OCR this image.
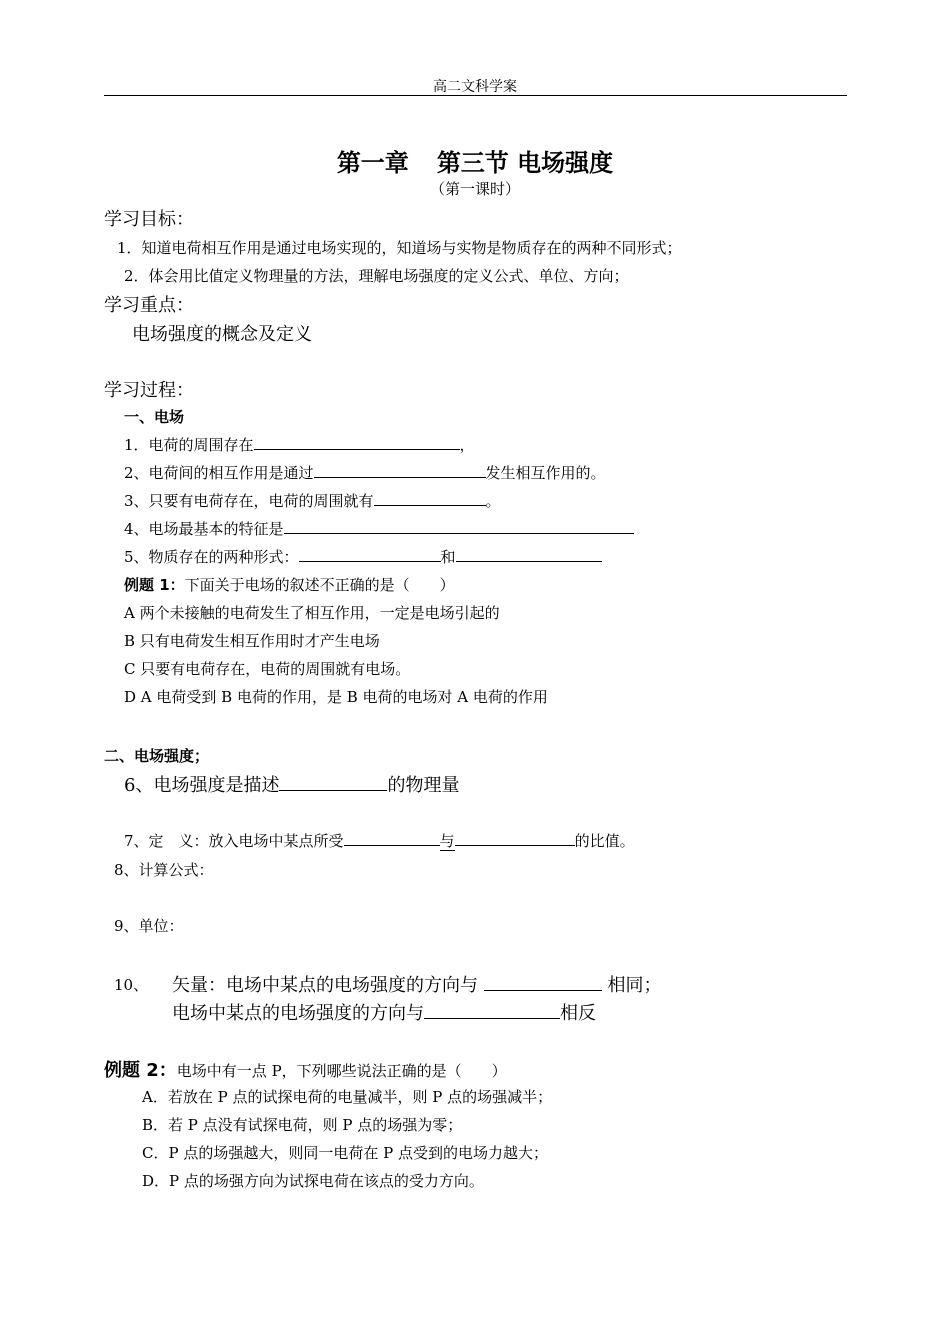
高二文科学案
第一章 第三节 电场强度
（第一课时）
学习目标：
1．知道电荷相互作用是通过电场实现的，知道场与实物是物质存在的两种不同形式；
2．体会用比值定义物理量的方法，理解电场强度的定义公式、单位、方向；
学习重点：
电场强度的概念及定义
学习过程：
一、电场
1．电荷的周围存在	，
2、电荷间的相互作用是通过	发生相互作用的。
3、只要有电荷存在，电荷的周围就有	。
4、电场最基本的特征是
5、物质存在的两种形式：	和
例题 1：下面关于电场的叙述不正确的是（　　）
A 两个未接触的电荷发生了相互作用，一定是电场引起的
B 只有电荷发生相互作用时才产生电场
C 只要有电荷存在，电荷的周围就有电场。
D A 电荷受到 B 电荷的作用，是 B 电荷的电场对 A 电荷的作用
二、电场强度；
6、电场强度是描述	的物理量
7、定　义：放入电场中某点所受	与	的比值。
8、计算公式：
9、单位：
10、 矢量：电场中某点的电场强度的方向与	相同；
电场中某点的电场强度的方向与	相反
例题 2：电场中有一点 P，下列哪些说法正确的是（　　）
A．若放在 P 点的试探电荷的电量减半，则 P 点的场强减半；
B．若 P 点没有试探电荷，则 P 点的场强为零；
C．P 点的场强越大，则同一电荷在 P 点受到的电场力越大；
D．P 点的场强方向为试探电荷在该点的受力方向。
